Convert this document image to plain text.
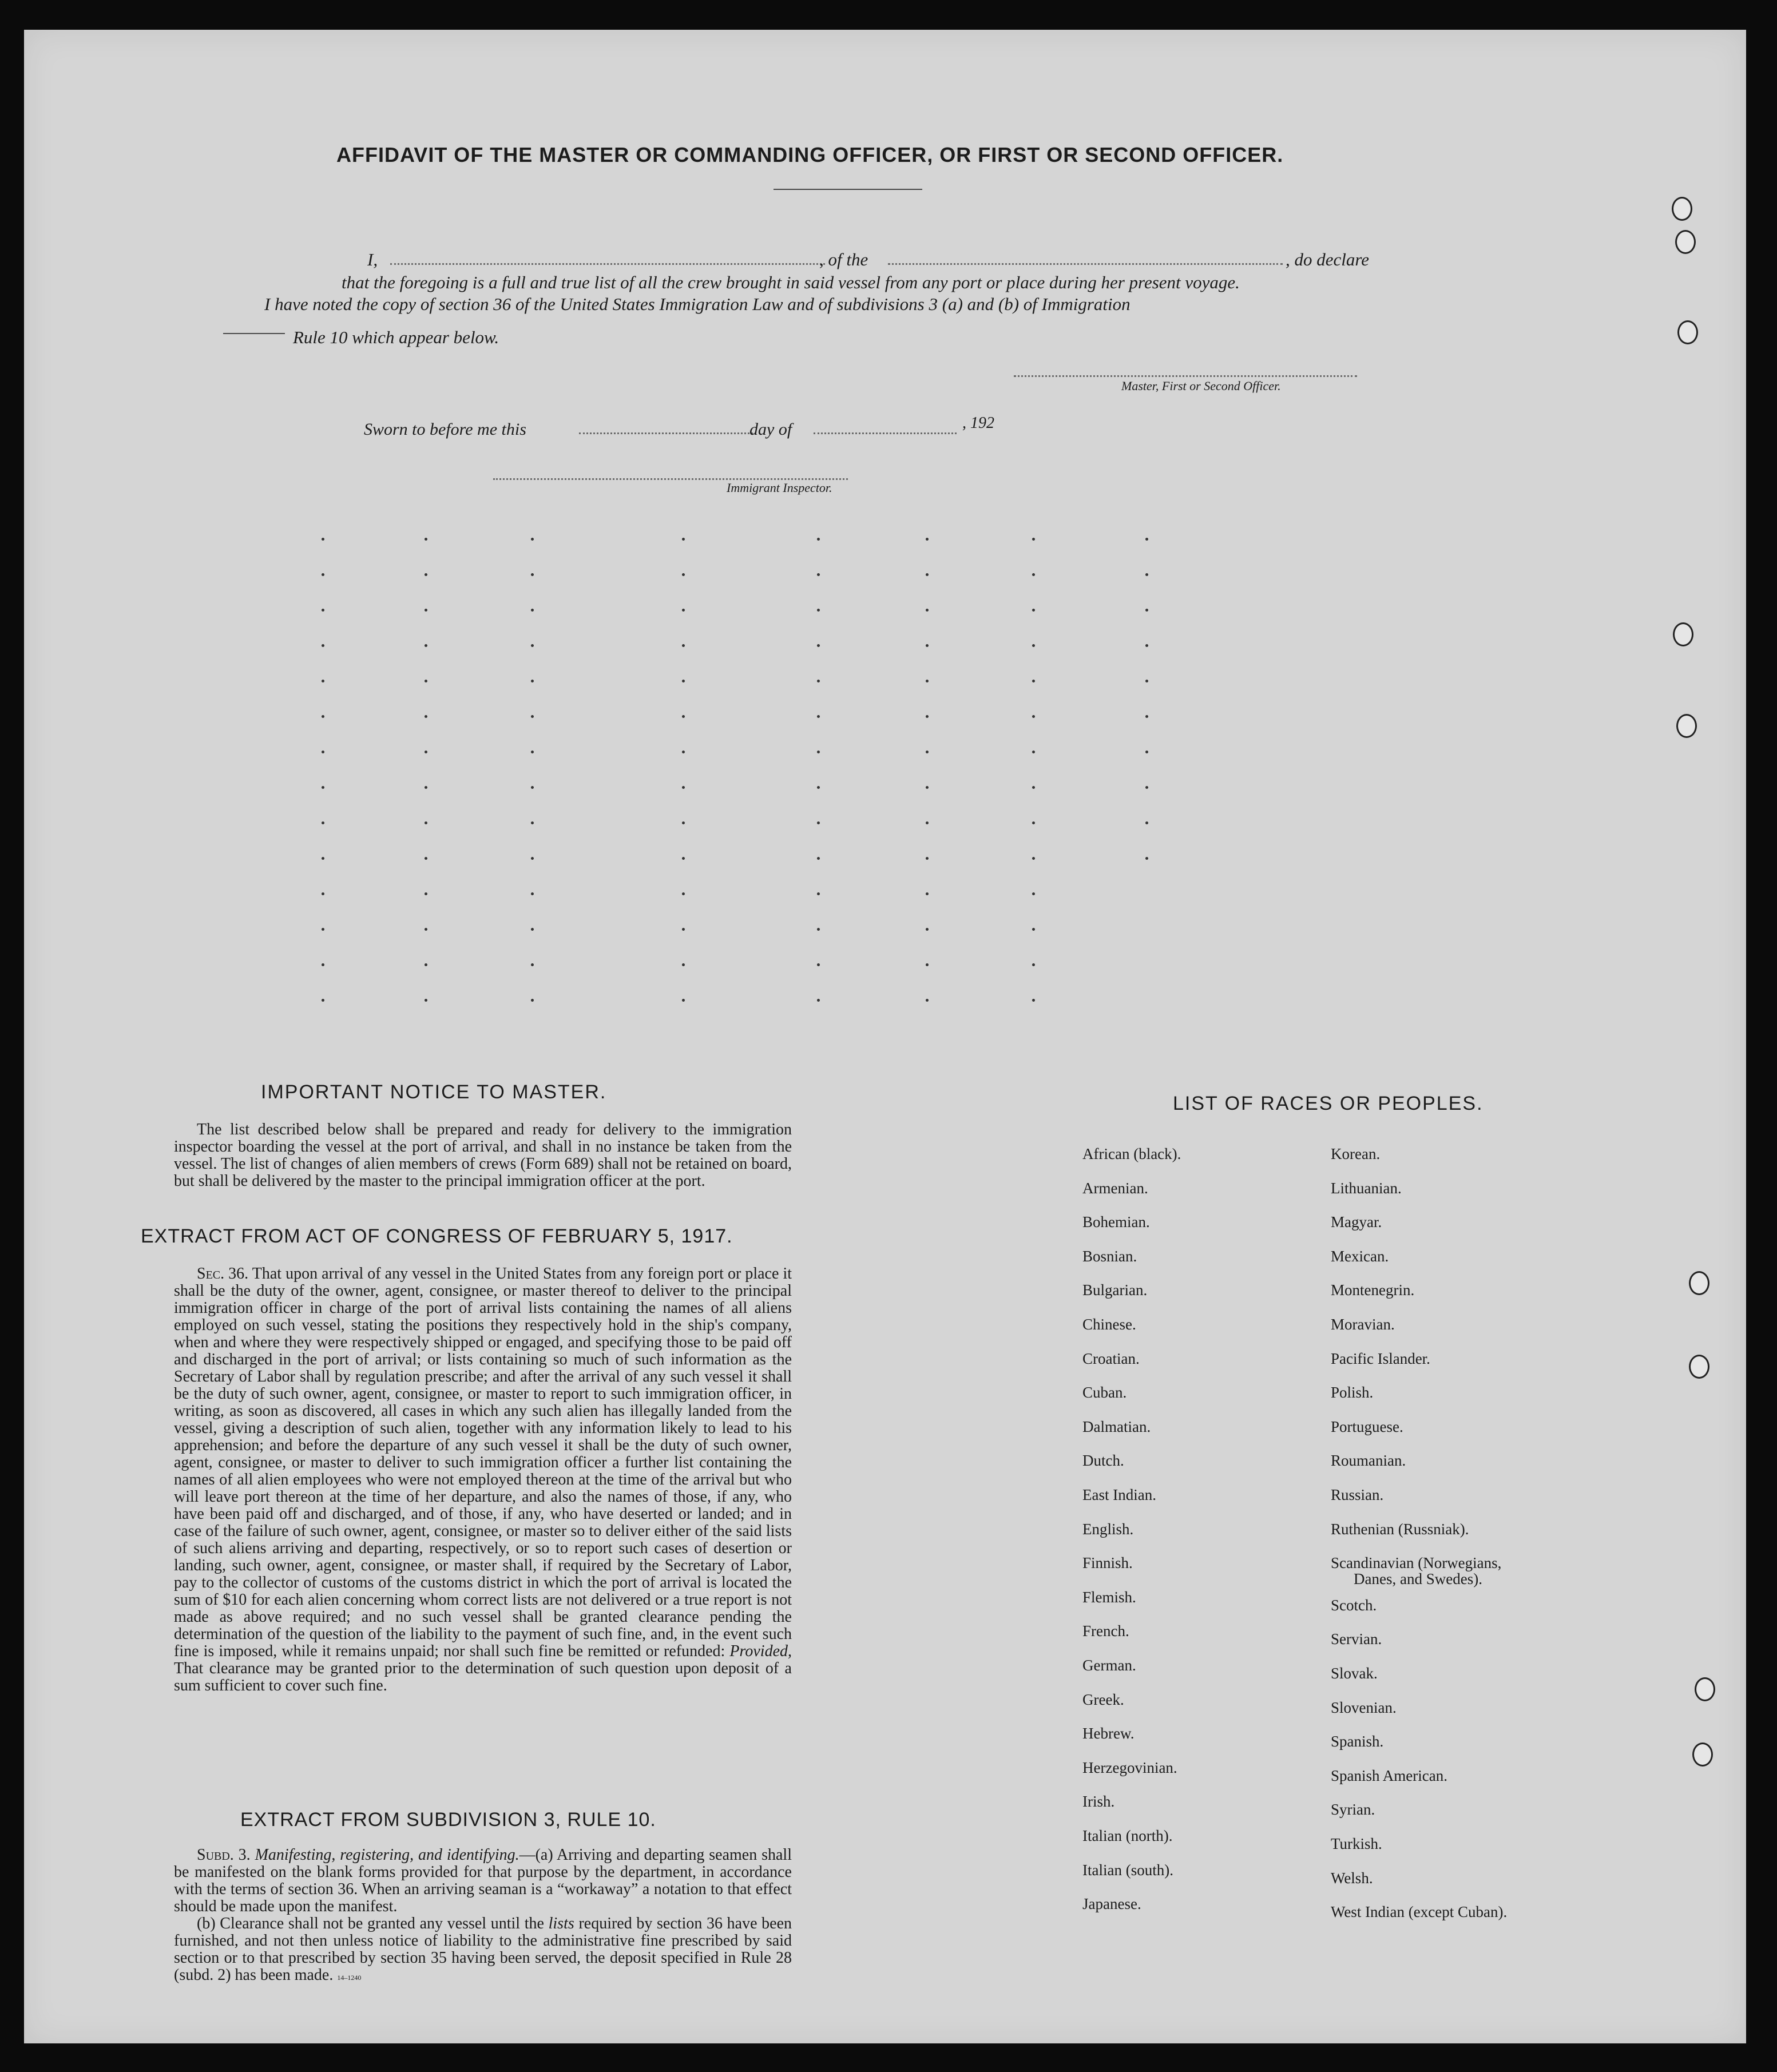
AFFIDAVIT OF THE MASTER OR COMMANDING OFFICER, OR FIRST OR SECOND OFFICER.
I,	, of the	, do declare
that the foregoing is a full and true list of all the crew brought in said vessel from any port or place during her present voyage.
I have noted the copy of section 36 of the United States Immigration Law and of subdivisions 3 (a) and (b) of Immigration
Rule 10 which appear below.
Master, First or Second Officer.
Sworn to before me this	day of	, 192
Immigrant Inspector.
IMPORTANT NOTICE TO MASTER.

The list described below shall be prepared and ready for delivery to the immigration inspector boarding the vessel at the port of arrival, and shall in no instance be taken from the vessel. The list of changes of alien members of crews (Form 689) shall not be retained on board, but shall be delivered by the master to the principal immigration officer at the port.

EXTRACT FROM ACT OF CONGRESS OF FEBRUARY 5, 1917.

Sec. 36. That upon arrival of any vessel in the United States from any foreign port or place it shall be the duty of the owner, agent, consignee, or master thereof to deliver to the principal immigration officer in charge of the port of arrival lists containing the names of all aliens employed on such vessel, stating the positions they respectively hold in the ship's company, when and where they were respectively shipped or engaged, and specifying those to be paid off and discharged in the port of arrival; or lists containing so much of such information as the Secretary of Labor shall by regulation prescribe; and after the arrival of any such vessel it shall be the duty of such owner, agent, consignee, or master to report to such immigration officer, in writing, as soon as discovered, all cases in which any such alien has illegally landed from the vessel, giving a description of such alien, together with any information likely to lead to his apprehension; and before the departure of any such vessel it shall be the duty of such owner, agent, consignee, or master to deliver to such immigration officer a further list containing the names of all alien employees who were not employed thereon at the time of the arrival but who will leave port thereon at the time of her departure, and also the names of those, if any, who have been paid off and discharged, and of those, if any, who have deserted or landed; and in case of the failure of such owner, agent, consignee, or master so to deliver either of the said lists of such aliens arriving and departing, respectively, or so to report such cases of desertion or landing, such owner, agent, consignee, or master shall, if required by the Secretary of Labor, pay to the collector of customs of the customs district in which the port of arrival is located the sum of $10 for each alien concerning whom correct lists are not delivered or a true report is not made as above required; and no such vessel shall be granted clearance pending the determination of the question of the liability to the payment of such fine, and, in the event such fine is imposed, while it remains unpaid; nor shall such fine be remitted or refunded: Provided, That clearance may be granted prior to the determination of such question upon deposit of a sum sufficient to cover such fine.

EXTRACT FROM SUBDIVISION 3, RULE 10.

Subd. 3. Manifesting, registering, and identifying.—(a) Arriving and departing seamen shall be manifested on the blank forms provided for that purpose by the department, in accordance with the terms of section 36. When an arriving seaman is a “workaway” a notation to that effect should be made upon the manifest.

(b) Clearance shall not be granted any vessel until the lists required by section 36 have been furnished, and not then unless notice of liability to the administrative fine prescribed by said section or to that prescribed by section 35 having been served, the deposit specified in Rule 28 (subd. 2) has been made. 14–1240

LIST OF RACES OR PEOPLES.
African (black).
Armenian.
Bohemian.
Bosnian.
Bulgarian.
Chinese.
Croatian.
Cuban.
Dalmatian.
Dutch.
East Indian.
English.
Finnish.
Flemish.
French.
German.
Greek.
Hebrew.
Herzegovinian.
Irish.
Italian (north).
Italian (south).
Japanese.
Korean.
Lithuanian.
Magyar.
Mexican.
Montenegrin.
Moravian.
Pacific Islander.
Polish.
Portuguese.
Roumanian.
Russian.
Ruthenian (Russniak).
Scandinavian (Norwegians,
Danes, and Swedes).
Scotch.
Servian.
Slovak.
Slovenian.
Spanish.
Spanish American.
Syrian.
Turkish.
Welsh.
West Indian (except Cuban).
